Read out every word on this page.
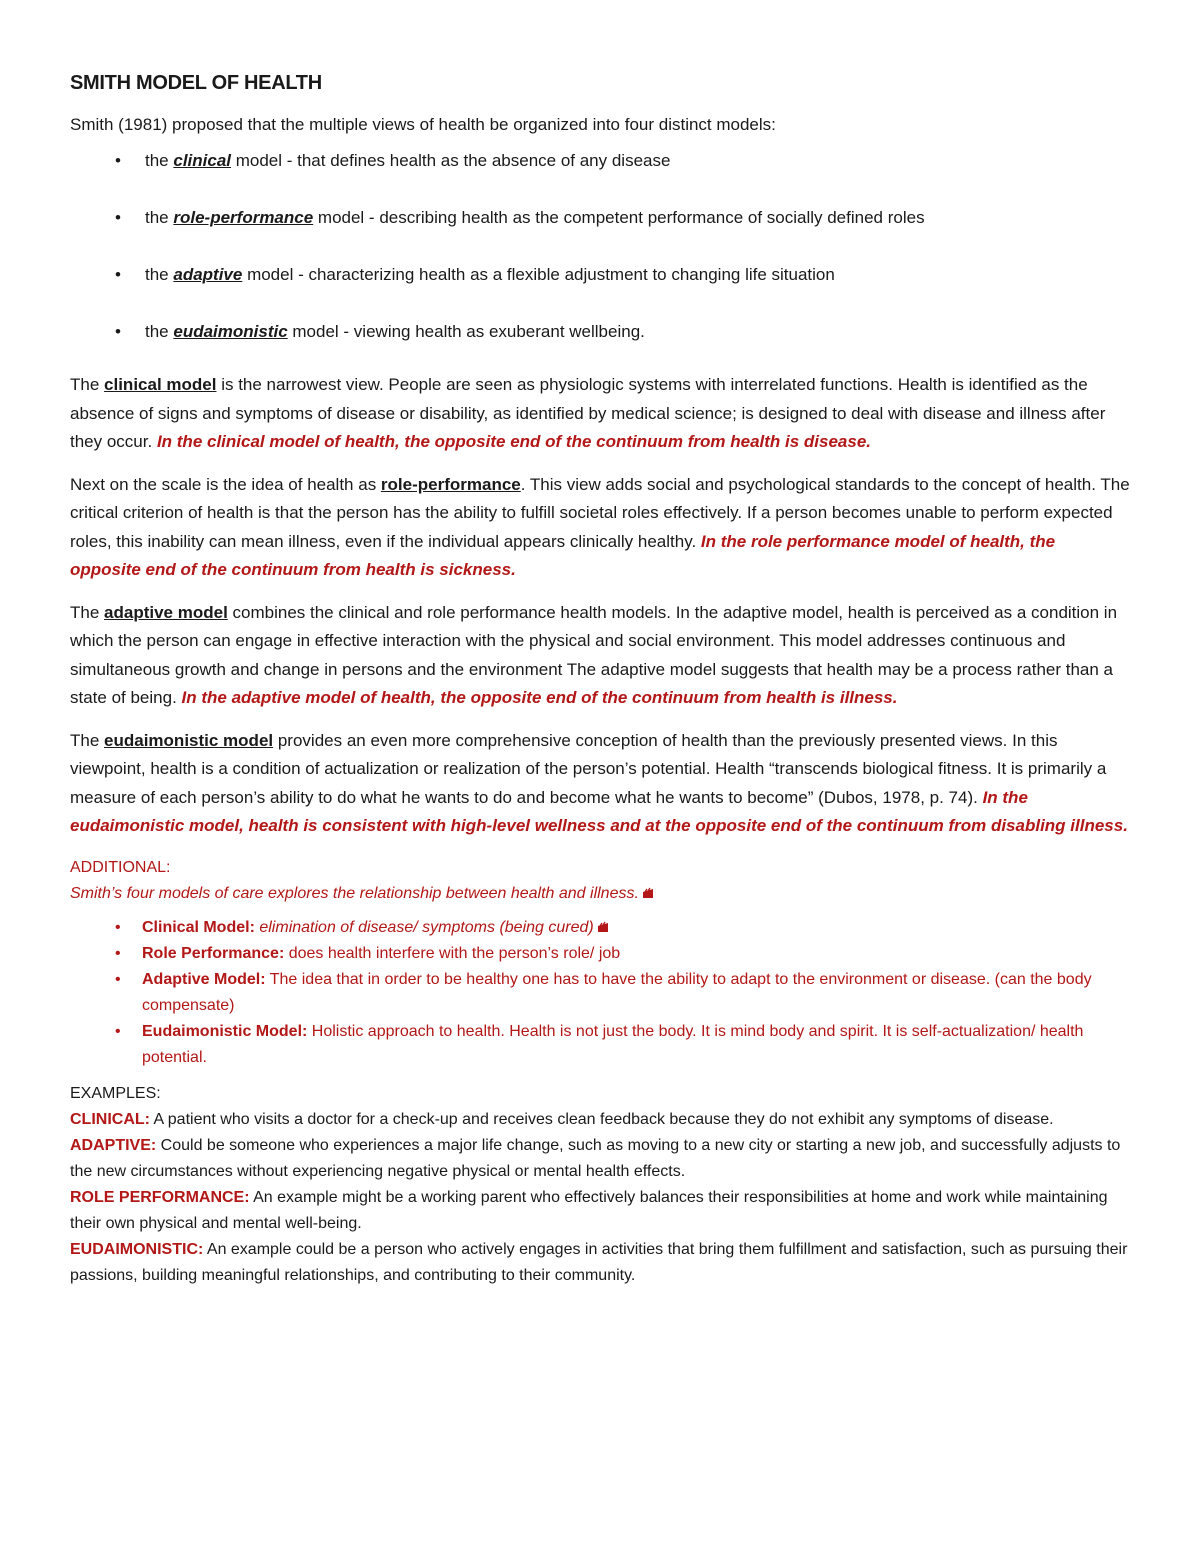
SMITH MODEL OF HEALTH

Smith (1981) proposed that the multiple views of health be organized into four distinct models:

• the clinical model - that defines health as the absence of any disease
• the role-performance model - describing health as the competent performance of socially defined roles
• the adaptive model - characterizing health as a flexible adjustment to changing life situation
• the eudaimonistic model - viewing health as exuberant wellbeing.

The clinical model is the narrowest view. People are seen as physiologic systems with interrelated functions. Health is identified as the absence of signs and symptoms of disease or disability, as identified by medical science; is designed to deal with disease and illness after they occur. In the clinical model of health, the opposite end of the continuum from health is disease.

Next on the scale is the idea of health as role-performance. This view adds social and psychological standards to the concept of health. The critical criterion of health is that the person has the ability to fulfill societal roles effectively. If a person becomes unable to perform expected roles, this inability can mean illness, even if the individual appears clinically healthy. In the role performance model of health, the opposite end of the continuum from health is sickness.

The adaptive model combines the clinical and role performance health models. In the adaptive model, health is perceived as a condition in which the person can engage in effective interaction with the physical and social environment. This model addresses continuous and simultaneous growth and change in persons and the environment The adaptive model suggests that health may be a process rather than a state of being. In the adaptive model of health, the opposite end of the continuum from health is illness.

The eudaimonistic model provides an even more comprehensive conception of health than the previously presented views. In this viewpoint, health is a condition of actualization or realization of the person’s potential. Health “transcends biological fitness. It is primarily a measure of each person’s ability to do what he wants to do and become what he wants to become” (Dubos, 1978, p. 74). In the eudaimonistic model, health is consistent with high-level wellness and at the opposite end of the continuum from disabling illness.

ADDITIONAL:

Smith’s four models of care explores the relationship between health and illness.

• Clinical Model: elimination of disease/ symptoms (being cured)
• Role Performance: does health interfere with the person’s role/ job
• Adaptive Model: The idea that in order to be healthy one has to have the ability to adapt to the environment or disease. (can the body compensate)
• Eudaimonistic Model: Holistic approach to health. Health is not just the body. It is mind body and spirit. It is self-actualization/ health potential.

EXAMPLES:

CLINICAL: A patient who visits a doctor for a check-up and receives clean feedback because they do not exhibit any symptoms of disease.

ADAPTIVE: Could be someone who experiences a major life change, such as moving to a new city or starting a new job, and successfully adjusts to the new circumstances without experiencing negative physical or mental health effects.

ROLE PERFORMANCE: An example might be a working parent who effectively balances their responsibilities at home and work while maintaining their own physical and mental well-being.

EUDAIMONISTIC: An example could be a person who actively engages in activities that bring them fulfillment and satisfaction, such as pursuing their passions, building meaningful relationships, and contributing to their community.
